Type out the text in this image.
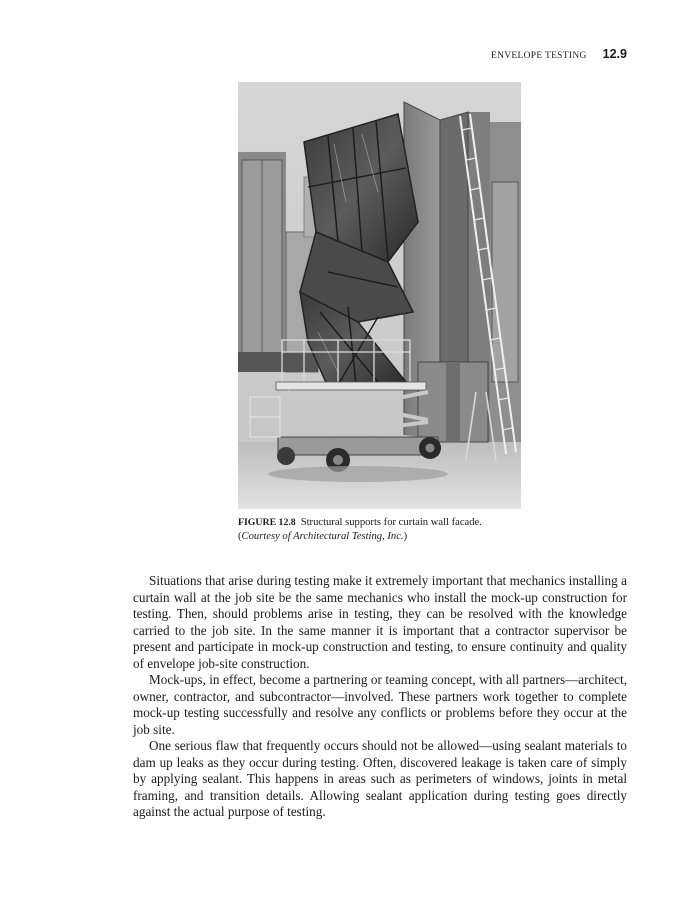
ENVELOPE TESTING 12.9
FIGURE 12.8 Structural supports for curtain wall facade.
(Courtesy of Architectural Testing, Inc.)

Situations that arise during testing make it extremely important that mechanics installing a curtain wall at the job site be the same mechanics who install the mock-up construction for testing. Then, should problems arise in testing, they can be resolved with the knowledge carried to the job site. In the same manner it is important that a contractor supervisor be present and participate in mock-up construction and testing, to ensure continuity and quality of envelope job-site construction.

Mock-ups, in effect, become a partnering or teaming concept, with all partners—architect, owner, contractor, and subcontractor—involved. These partners work together to complete mock-up testing successfully and resolve any conflicts or problems before they occur at the job site.

One serious flaw that frequently occurs should not be allowed—using sealant materials to dam up leaks as they occur during testing. Often, discovered leakage is taken care of simply by applying sealant. This happens in areas such as perimeters of windows, joints in metal framing, and transition details. Allowing sealant application during testing goes directly against the actual purpose of testing.
